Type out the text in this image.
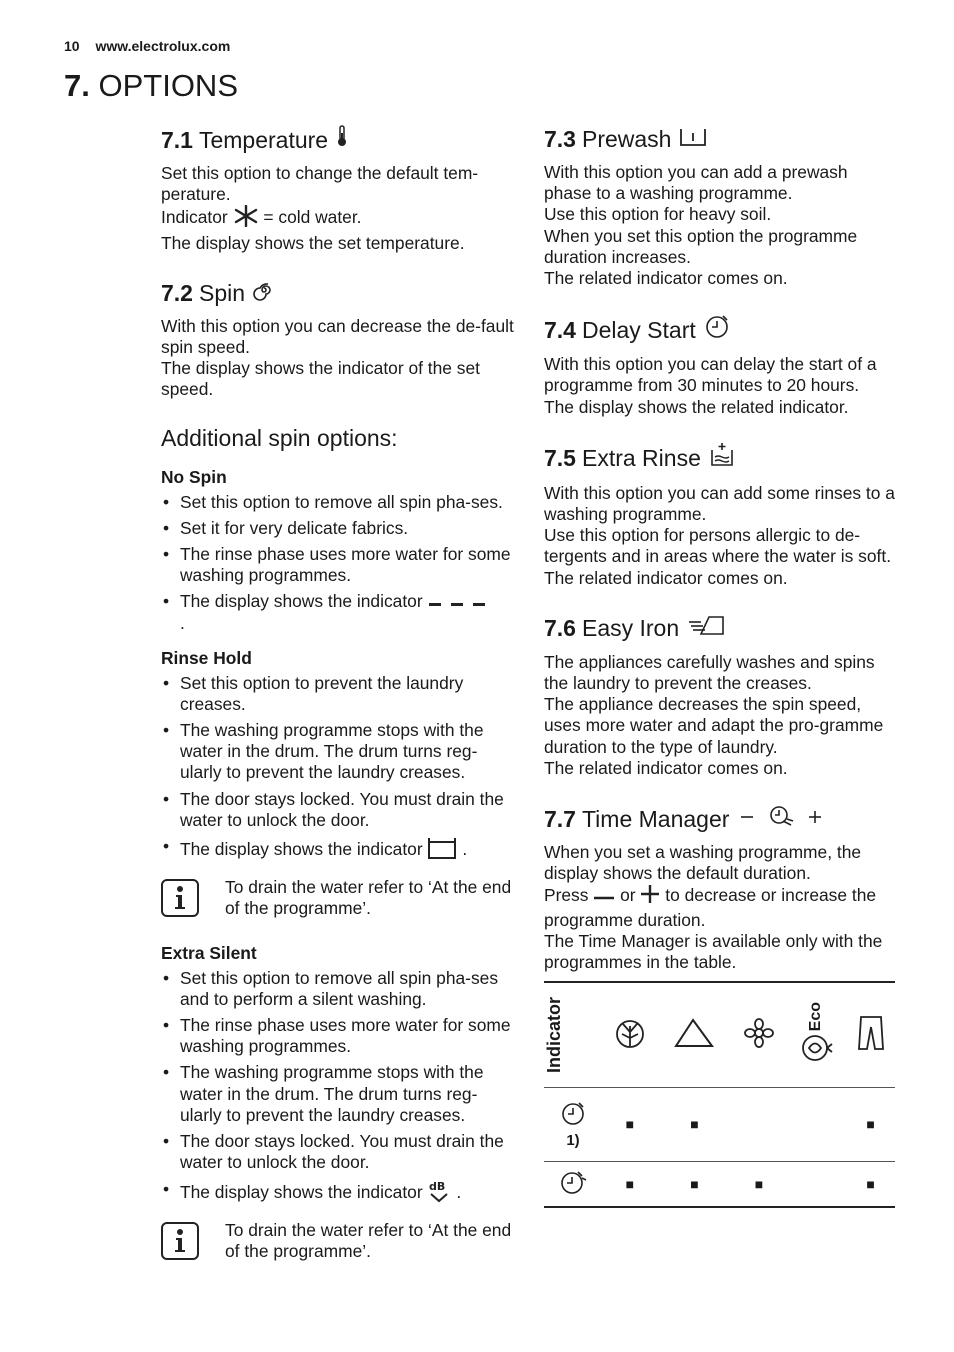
10 www.electrolux.com
7. OPTIONS
7.1 Temperature

Set this option to change the default tem-perature.

Indicator = cold water.

The display shows the set temperature.

7.2 Spin

With this option you can decrease the de-fault spin speed.

The display shows the indicator of the set speed.

Additional spin options:
No Spin
• Set this option to remove all spin pha-ses.
• Set it for very delicate fabrics.
• The rinse phase uses more water for some washing programmes.
• The display shows the indicator
.
Rinse Hold
• Set this option to prevent the laundry creases.
• The washing programme stops with the water in the drum. The drum turns reg-ularly to prevent the laundry creases.
• The door stays locked. You must drain the water to unlock the door.
• The display shows the indicator .
To drain the water refer to ‘At the end of the programme’.
Extra Silent
• Set this option to remove all spin pha-ses and to perform a silent washing.
• The rinse phase uses more water for some washing programmes.
• The washing programme stops with the water in the drum. The drum turns reg-ularly to prevent the laundry creases.
• The door stays locked. You must drain the water to unlock the door.
• The display shows the indicator dB .
To drain the water refer to ‘At the end of the programme’.
7.3 Prewash

With this option you can add a prewash phase to a washing programme.

Use this option for heavy soil.

When you set this option the programme duration increases.

The related indicator comes on.

7.4 Delay Start

With this option you can delay the start of a programme from 30 minutes to 20 hours.

The display shows the related indicator.

7.5 Extra Rinse

With this option you can add some rinses to a washing programme.

Use this option for persons allergic to de-tergents and in areas where the water is soft.

The related indicator comes on.

7.6 Easy Iron

The appliances carefully washes and spins the laundry to prevent the creases.

The appliance decreases the spin speed, uses more water and adapt the pro-gramme duration to the type of laundry.

The related indicator comes on.

7.7 Time Manager

When you set a washing programme, the display shows the default duration.

Press or to decrease or increase the programme duration.

The Time Manager is available only with the programmes in the table.

Indicator				Eco

1)	■	■			■
	■	■	■		■
